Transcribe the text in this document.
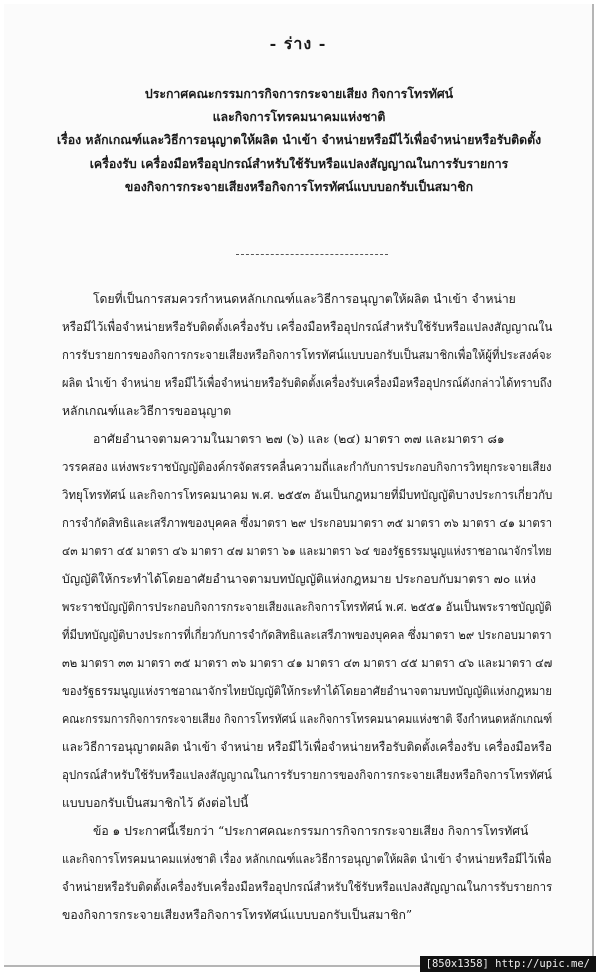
- ร่าง -
ประกาศคณะกรรมการกิจการกระจายเสียง กิจการโทรทัศน์
และกิจการโทรคมนาคมแห่งชาติ
เรื่อง หลักเกณฑ์และวิธีการอนุญาตให้ผลิต นำเข้า จำหน่ายหรือมีไว้เพื่อจำหน่ายหรือรับติดตั้ง
เครื่องรับ เครื่องมือหรืออุปกรณ์สำหรับใช้รับหรือแปลงสัญญาณในการรับรายการ
ของกิจการกระจายเสียงหรือกิจการโทรทัศน์แบบบอกรับเป็นสมาชิก
โดยที่เป็นการสมควรกำหนดหลักเกณฑ์และวิธีการอนุญาตให้ผลิต นำเข้า จำหน่าย
หรือมีไว้เพื่อจำหน่ายหรือรับติดตั้งเครื่องรับ เครื่องมือหรืออุปกรณ์สำหรับใช้รับหรือแปลงสัญญาณใน
การรับรายการของกิจการกระจายเสียงหรือกิจการโทรทัศน์แบบบอกรับเป็นสมาชิกเพื่อให้ผู้ที่ประสงค์จะ
ผลิต นำเข้า จำหน่าย หรือมีไว้เพื่อจำหน่ายหรือรับติดตั้งเครื่องรับเครื่องมือหรืออุปกรณ์ดังกล่าวได้ทราบถึง
หลักเกณฑ์และวิธีการขออนุญาต
อาศัยอำนาจตามความในมาตรา ๒๗ (๖) และ (๒๔) มาตรา ๓๗ และมาตรา ๘๑
วรรคสอง แห่งพระราชบัญญัติองค์กรจัดสรรคลื่นความถี่และกำกับการประกอบกิจการวิทยุกระจายเสียง
วิทยุโทรทัศน์ และกิจการโทรคมนาคม พ.ศ. ๒๕๕๓ อันเป็นกฎหมายที่มีบทบัญญัติบางประการเกี่ยวกับ
การจำกัดสิทธิและเสรีภาพของบุคคล ซึ่งมาตรา ๒๙ ประกอบมาตรา ๓๕ มาตรา ๓๖ มาตรา ๔๑ มาตรา
๔๓ มาตรา ๔๕ มาตรา ๔๖ มาตรา ๔๗ มาตรา ๖๑ และมาตรา ๖๔ ของรัฐธรรมนูญแห่งราชอาณาจักรไทย
บัญญัติให้กระทำได้โดยอาศัยอำนาจตามบทบัญญัติแห่งกฎหมาย ประกอบกับมาตรา ๗๐ แห่ง
พระราชบัญญัติการประกอบกิจการกระจายเสียงและกิจการโทรทัศน์ พ.ศ. ๒๕๕๑ อันเป็นพระราชบัญญัติ
ที่มีบทบัญญัติบางประการที่เกี่ยวกับการจำกัดสิทธิและเสรีภาพของบุคคล ซึ่งมาตรา ๒๙ ประกอบมาตรา
๓๒ มาตรา ๓๓ มาตรา ๓๕ มาตรา ๓๖ มาตรา ๔๑ มาตรา ๔๓ มาตรา ๔๕ มาตรา ๔๖ และมาตรา ๔๗
ของรัฐธรรมนูญแห่งราชอาณาจักรไทยบัญญัติให้กระทำได้โดยอาศัยอำนาจตามบทบัญญัติแห่งกฎหมาย
คณะกรรมการกิจการกระจายเสียง กิจการโทรทัศน์ และกิจการโทรคมนาคมแห่งชาติ จึงกำหนดหลักเกณฑ์
และวิธีการอนุญาตผลิต นำเข้า จำหน่าย หรือมีไว้เพื่อจำหน่ายหรือรับติดตั้งเครื่องรับ เครื่องมือหรือ
อุปกรณ์สำหรับใช้รับหรือแปลงสัญญาณในการรับรายการของกิจการกระจายเสียงหรือกิจการโทรทัศน์
แบบบอกรับเป็นสมาชิกไว้ ดังต่อไปนี้
ข้อ ๑ ประกาศนี้เรียกว่า “ประกาศคณะกรรมการกิจการกระจายเสียง กิจการโทรทัศน์
และกิจการโทรคมนาคมแห่งชาติ เรื่อง หลักเกณฑ์และวิธีการอนุญาตให้ผลิต นำเข้า จำหน่ายหรือมีไว้เพื่อ
จำหน่ายหรือรับติดตั้งเครื่องรับเครื่องมือหรืออุปกรณ์สำหรับใช้รับหรือแปลงสัญญาณในการรับรายการ
ของกิจการกระจายเสียงหรือกิจการโทรทัศน์แบบบอกรับเป็นสมาชิก”
[850x1358] http://upic.me/
